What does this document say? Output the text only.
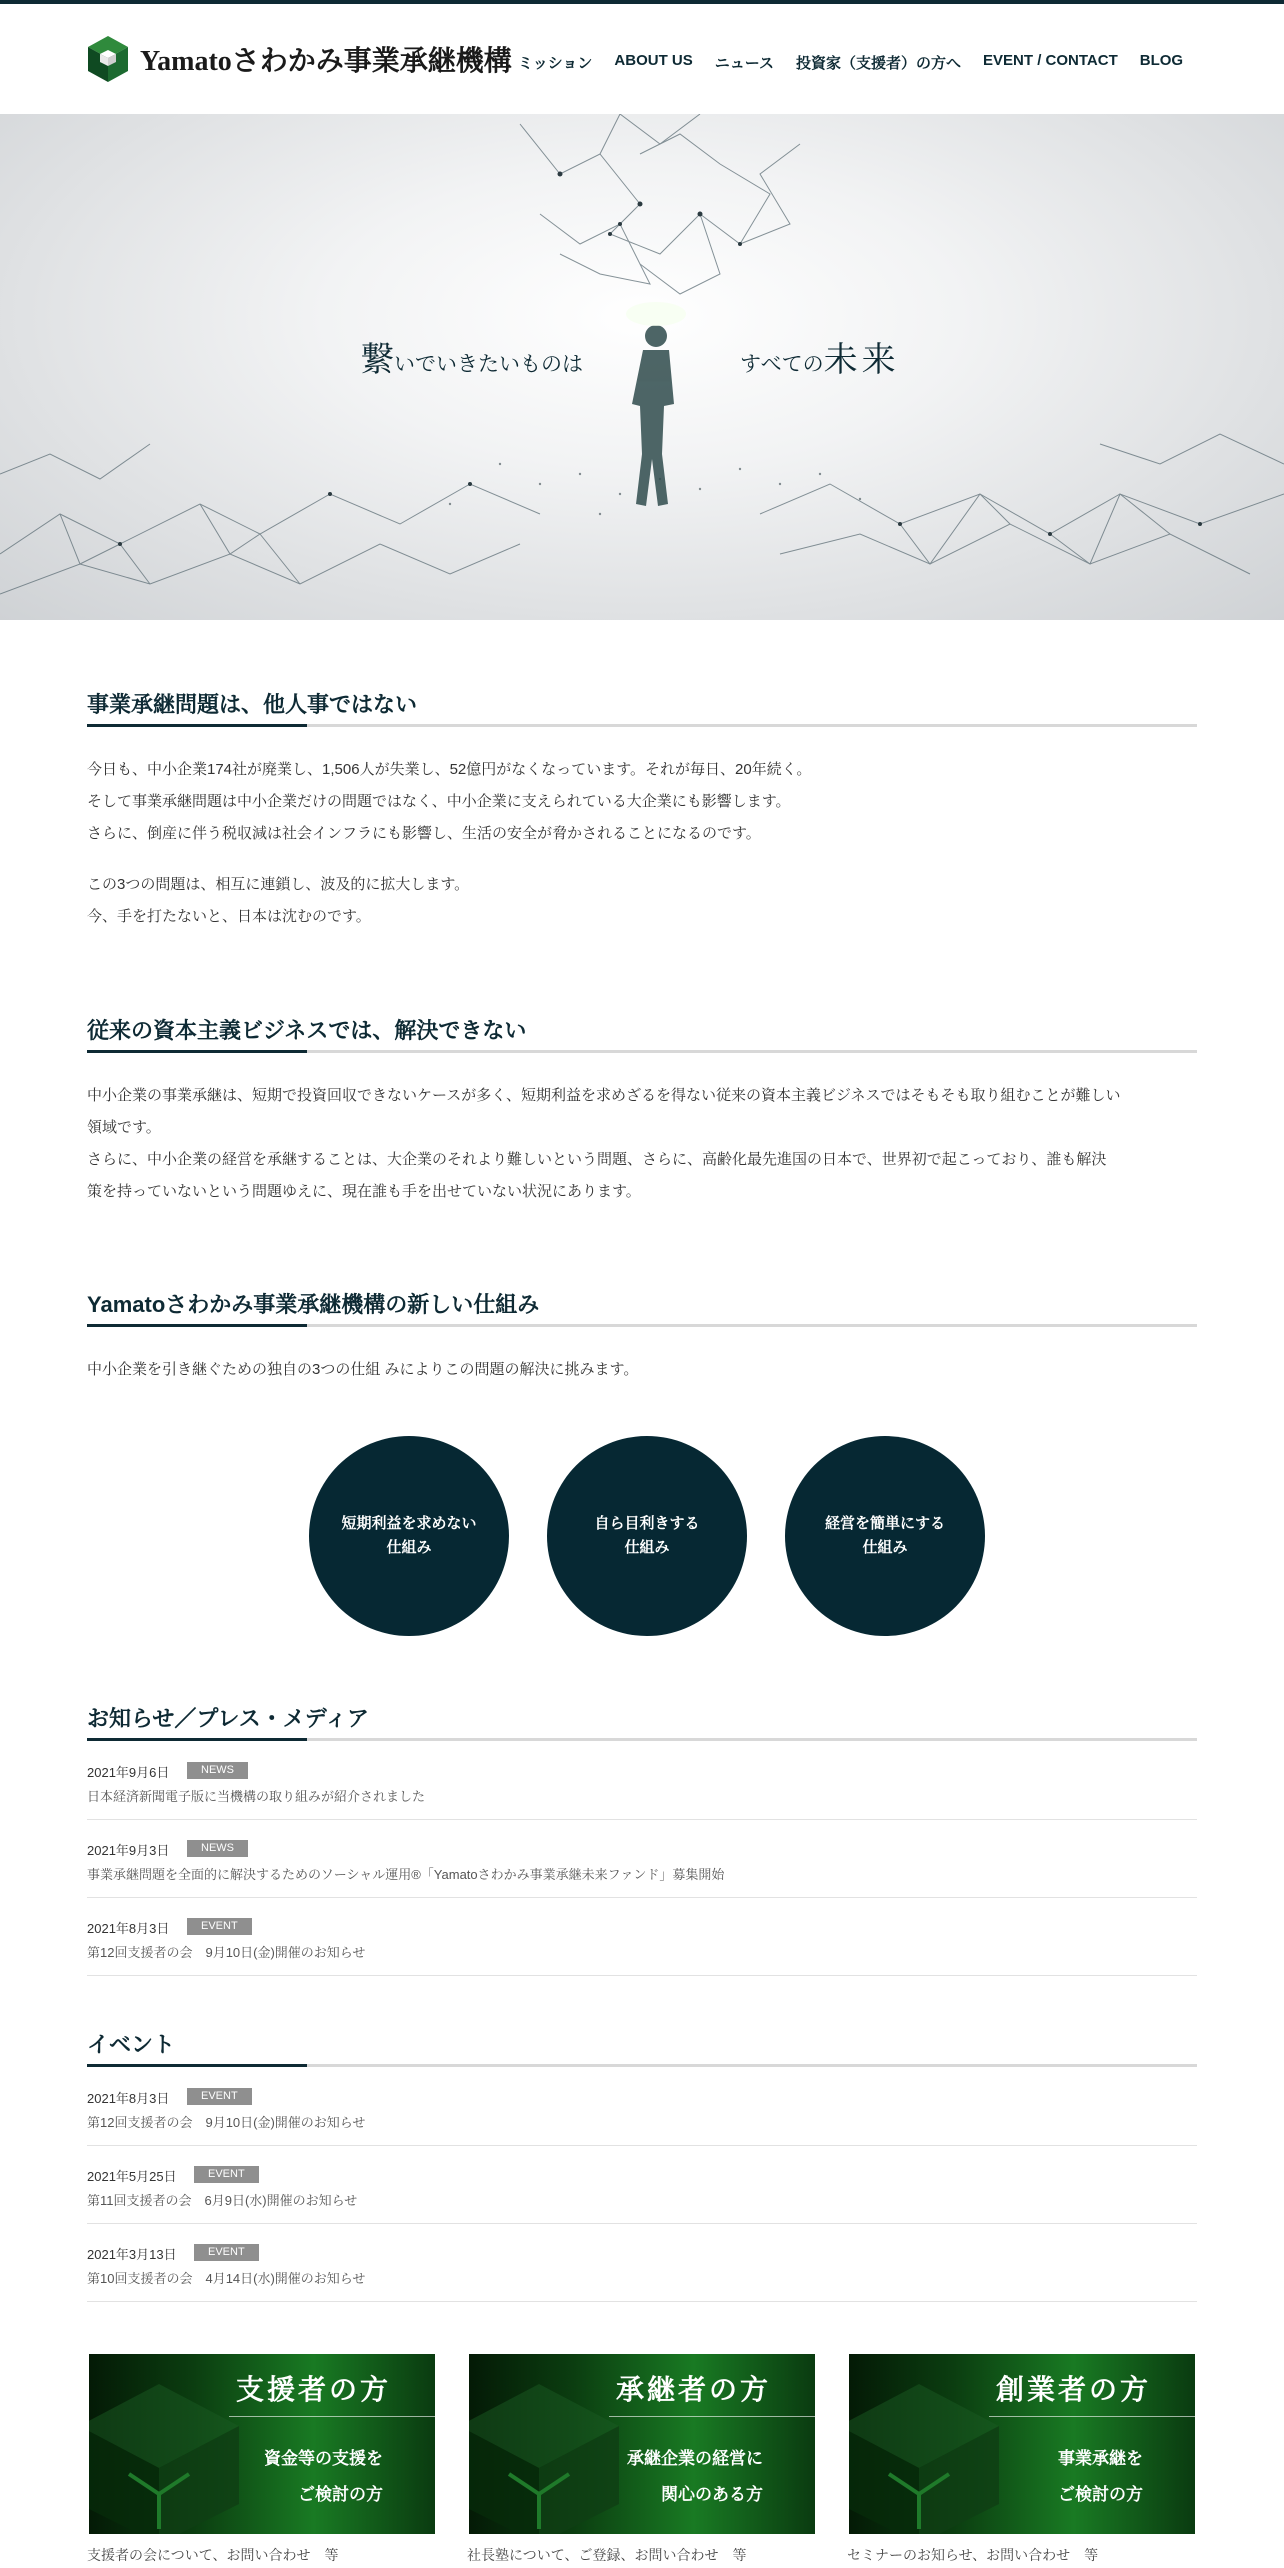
Yamatoさわかみ事業承継機構 ミッション ABOUT US ニュース 投資家（支援者）の方へ EVENT / CONTACT BLOG
繋いでいきたいものは	すべての未来
事業承継問題は、他人事ではない
今日も、中小企業174社が廃業し、1,506人が失業し、52億円がなくなっています。それが毎日、20年続く。
そして事業承継問題は中小企業だけの問題ではなく、中小企業に支えられている大企業にも影響します。
さらに、倒産に伴う税収減は社会インフラにも影響し、生活の安全が脅かされることになるのです。
この3つの問題は、相互に連鎖し、波及的に拡大します。
今、手を打たないと、日本は沈むのです。
従来の資本主義ビジネスでは、解決できない
中小企業の事業承継は、短期で投資回収できないケースが多く、短期利益を求めざるを得ない従来の資本主義ビジネスではそもそも取り組むことが難しい
領域です。
さらに、中小企業の経営を承継することは、大企業のそれより難しいという問題、さらに、高齢化最先進国の日本で、世界初で起こっており、誰も解決
策を持っていないという問題ゆえに、現在誰も手を出せていない状況にあります。
Yamatoさわかみ事業承継機構の新しい仕組み
中小企業を引き継ぐための独自の3つの仕組 みによりこの問題の解決に挑みます。
短期利益を求めない
仕組み
自ら目利きする
仕組み
経営を簡単にする
仕組み
お知らせ／プレス・メディア
2021年9月6日	NEWS
日本経済新聞電子版に当機構の取り組みが紹介されました
2021年9月3日	NEWS
事業承継問題を全面的に解決するためのソーシャル運用®「Yamatoさわかみ事業承継未来ファンド」募集開始
2021年8月3日	EVENT
第12回支援者の会　9月10日(金)開催のお知らせ
イベント
2021年8月3日	EVENT
第12回支援者の会　9月10日(金)開催のお知らせ
2021年5月25日	EVENT
第11回支援者の会　6月9日(水)開催のお知らせ
2021年3月13日	EVENT
第10回支援者の会　4月14日(水)開催のお知らせ
支援者の方
資金等の支援を
ご検討の方
支援者の会について、お問い合わせ　等
承継者の方
承継企業の経営に
関心のある方
社長塾について、ご登録、お問い合わせ　等
創業者の方
事業承継を
ご検討の方
セミナーのお知らせ、お問い合わせ　等
